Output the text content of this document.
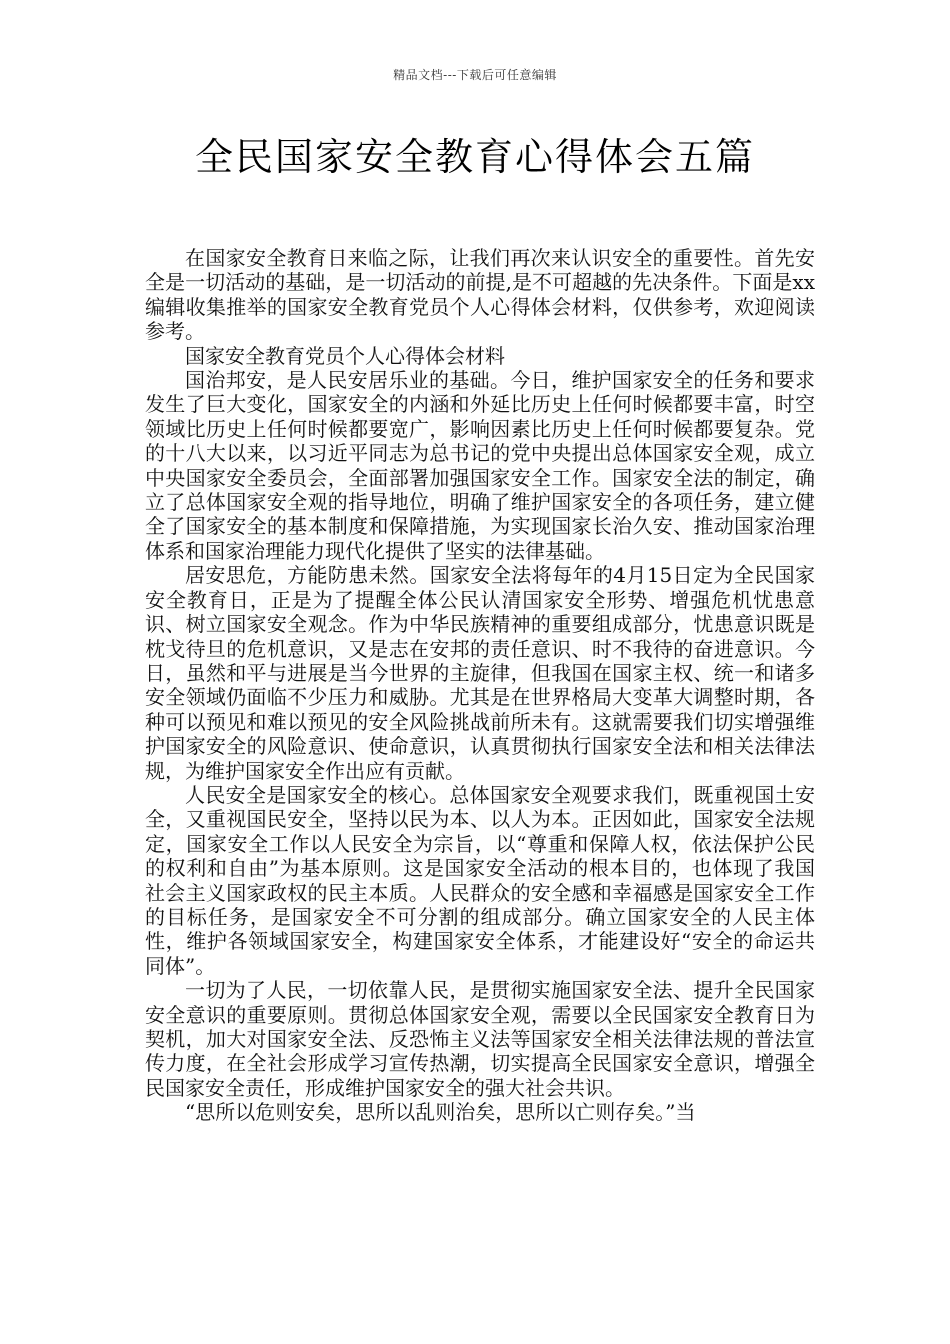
精品文档---下载后可任意编辑
全民国家安全教育心得体会五篇

在国家安全教育日来临之际，让我们再次来认识安全的重要性。首先安全是一切活动的基础，是一切活动的前提,是不可超越的先决条件。下面是xx编辑收集推举的国家安全教育党员个人心得体会材料，仅供参考，欢迎阅读参考。

国家安全教育党员个人心得体会材料

国治邦安，是人民安居乐业的基础。今日，维护国家安全的任务和要求发生了巨大变化，国家安全的内涵和外延比历史上任何时候都要丰富，时空领域比历史上任何时候都要宽广，影响因素比历史上任何时候都要复杂。党的十八大以来，以习近平同志为总书记的党中央提出总体国家安全观，成立中央国家安全委员会，全面部署加强国家安全工作。国家安全法的制定，确立了总体国家安全观的指导地位，明确了维护国家安全的各项任务，建立健全了国家安全的基本制度和保障措施，为实现国家长治久安、推动国家治理体系和国家治理能力现代化提供了坚实的法律基础。

居安思危，方能防患未然。国家安全法将每年的4月15日定为全民国家安全教育日，正是为了提醒全体公民认清国家安全形势、增强危机忧患意识、树立国家安全观念。作为中华民族精神的重要组成部分，忧患意识既是枕戈待旦的危机意识，又是志在安邦的责任意识、时不我待的奋进意识。今日，虽然和平与进展是当今世界的主旋律，但我国在国家主权、统一和诸多安全领域仍面临不少压力和威胁。尤其是在世界格局大变革大调整时期，各种可以预见和难以预见的安全风险挑战前所未有。这就需要我们切实增强维护国家安全的风险意识、使命意识，认真贯彻执行国家安全法和相关法律法规，为维护国家安全作出应有贡献。

人民安全是国家安全的核心。总体国家安全观要求我们，既重视国土安全，又重视国民安全，坚持以民为本、以人为本。正因如此，国家安全法规定，国家安全工作以人民安全为宗旨，以“尊重和保障人权，依法保护公民的权利和自由”为基本原则。这是国家安全活动的根本目的，也体现了我国社会主义国家政权的民主本质。人民群众的安全感和幸福感是国家安全工作的目标任务，是国家安全不可分割的组成部分。确立国家安全的人民主体性，维护各领域国家安全，构建国家安全体系，才能建设好“安全的命运共同体”。

一切为了人民，一切依靠人民，是贯彻实施国家安全法、提升全民国家安全意识的重要原则。贯彻总体国家安全观，需要以全民国家安全教育日为契机，加大对国家安全法、反恐怖主义法等国家安全相关法律法规的普法宣传力度，在全社会形成学习宣传热潮，切实提高全民国家安全意识，增强全民国家安全责任，形成维护国家安全的强大社会共识。

“思所以危则安矣，思所以乱则治矣，思所以亡则存矣。”当
